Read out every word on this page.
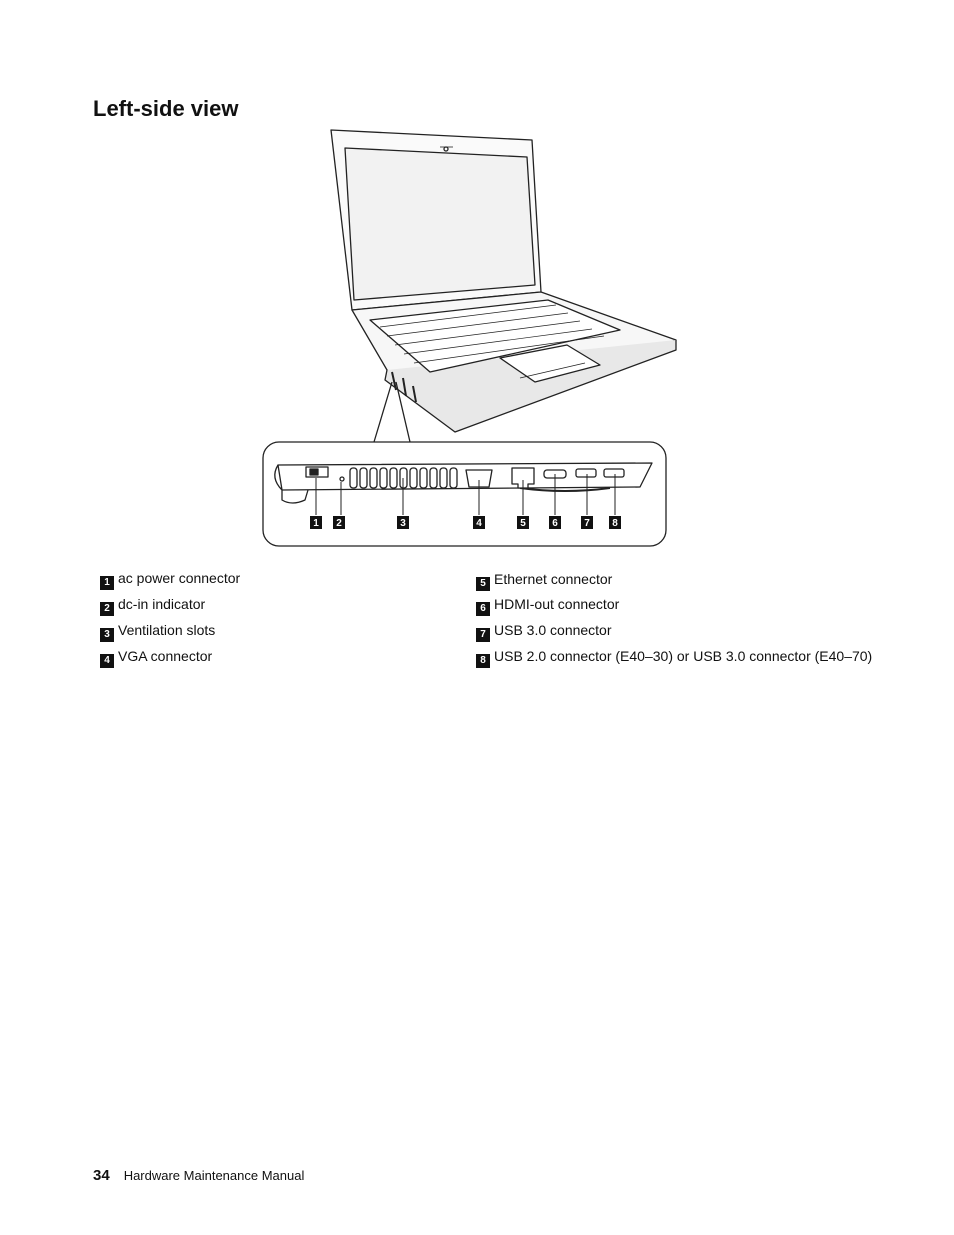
Left-side view
1 2	3	4	5	6	7 8
1 ac power connector
2 dc-in indicator
3 Ventilation slots
4 VGA connector
5 Ethernet connector
6 HDMI-out connector
7 USB 3.0 connector
8 USB 2.0 connector (E40–30) or USB 3.0 connector (E40–70)
34 Hardware Maintenance Manual
